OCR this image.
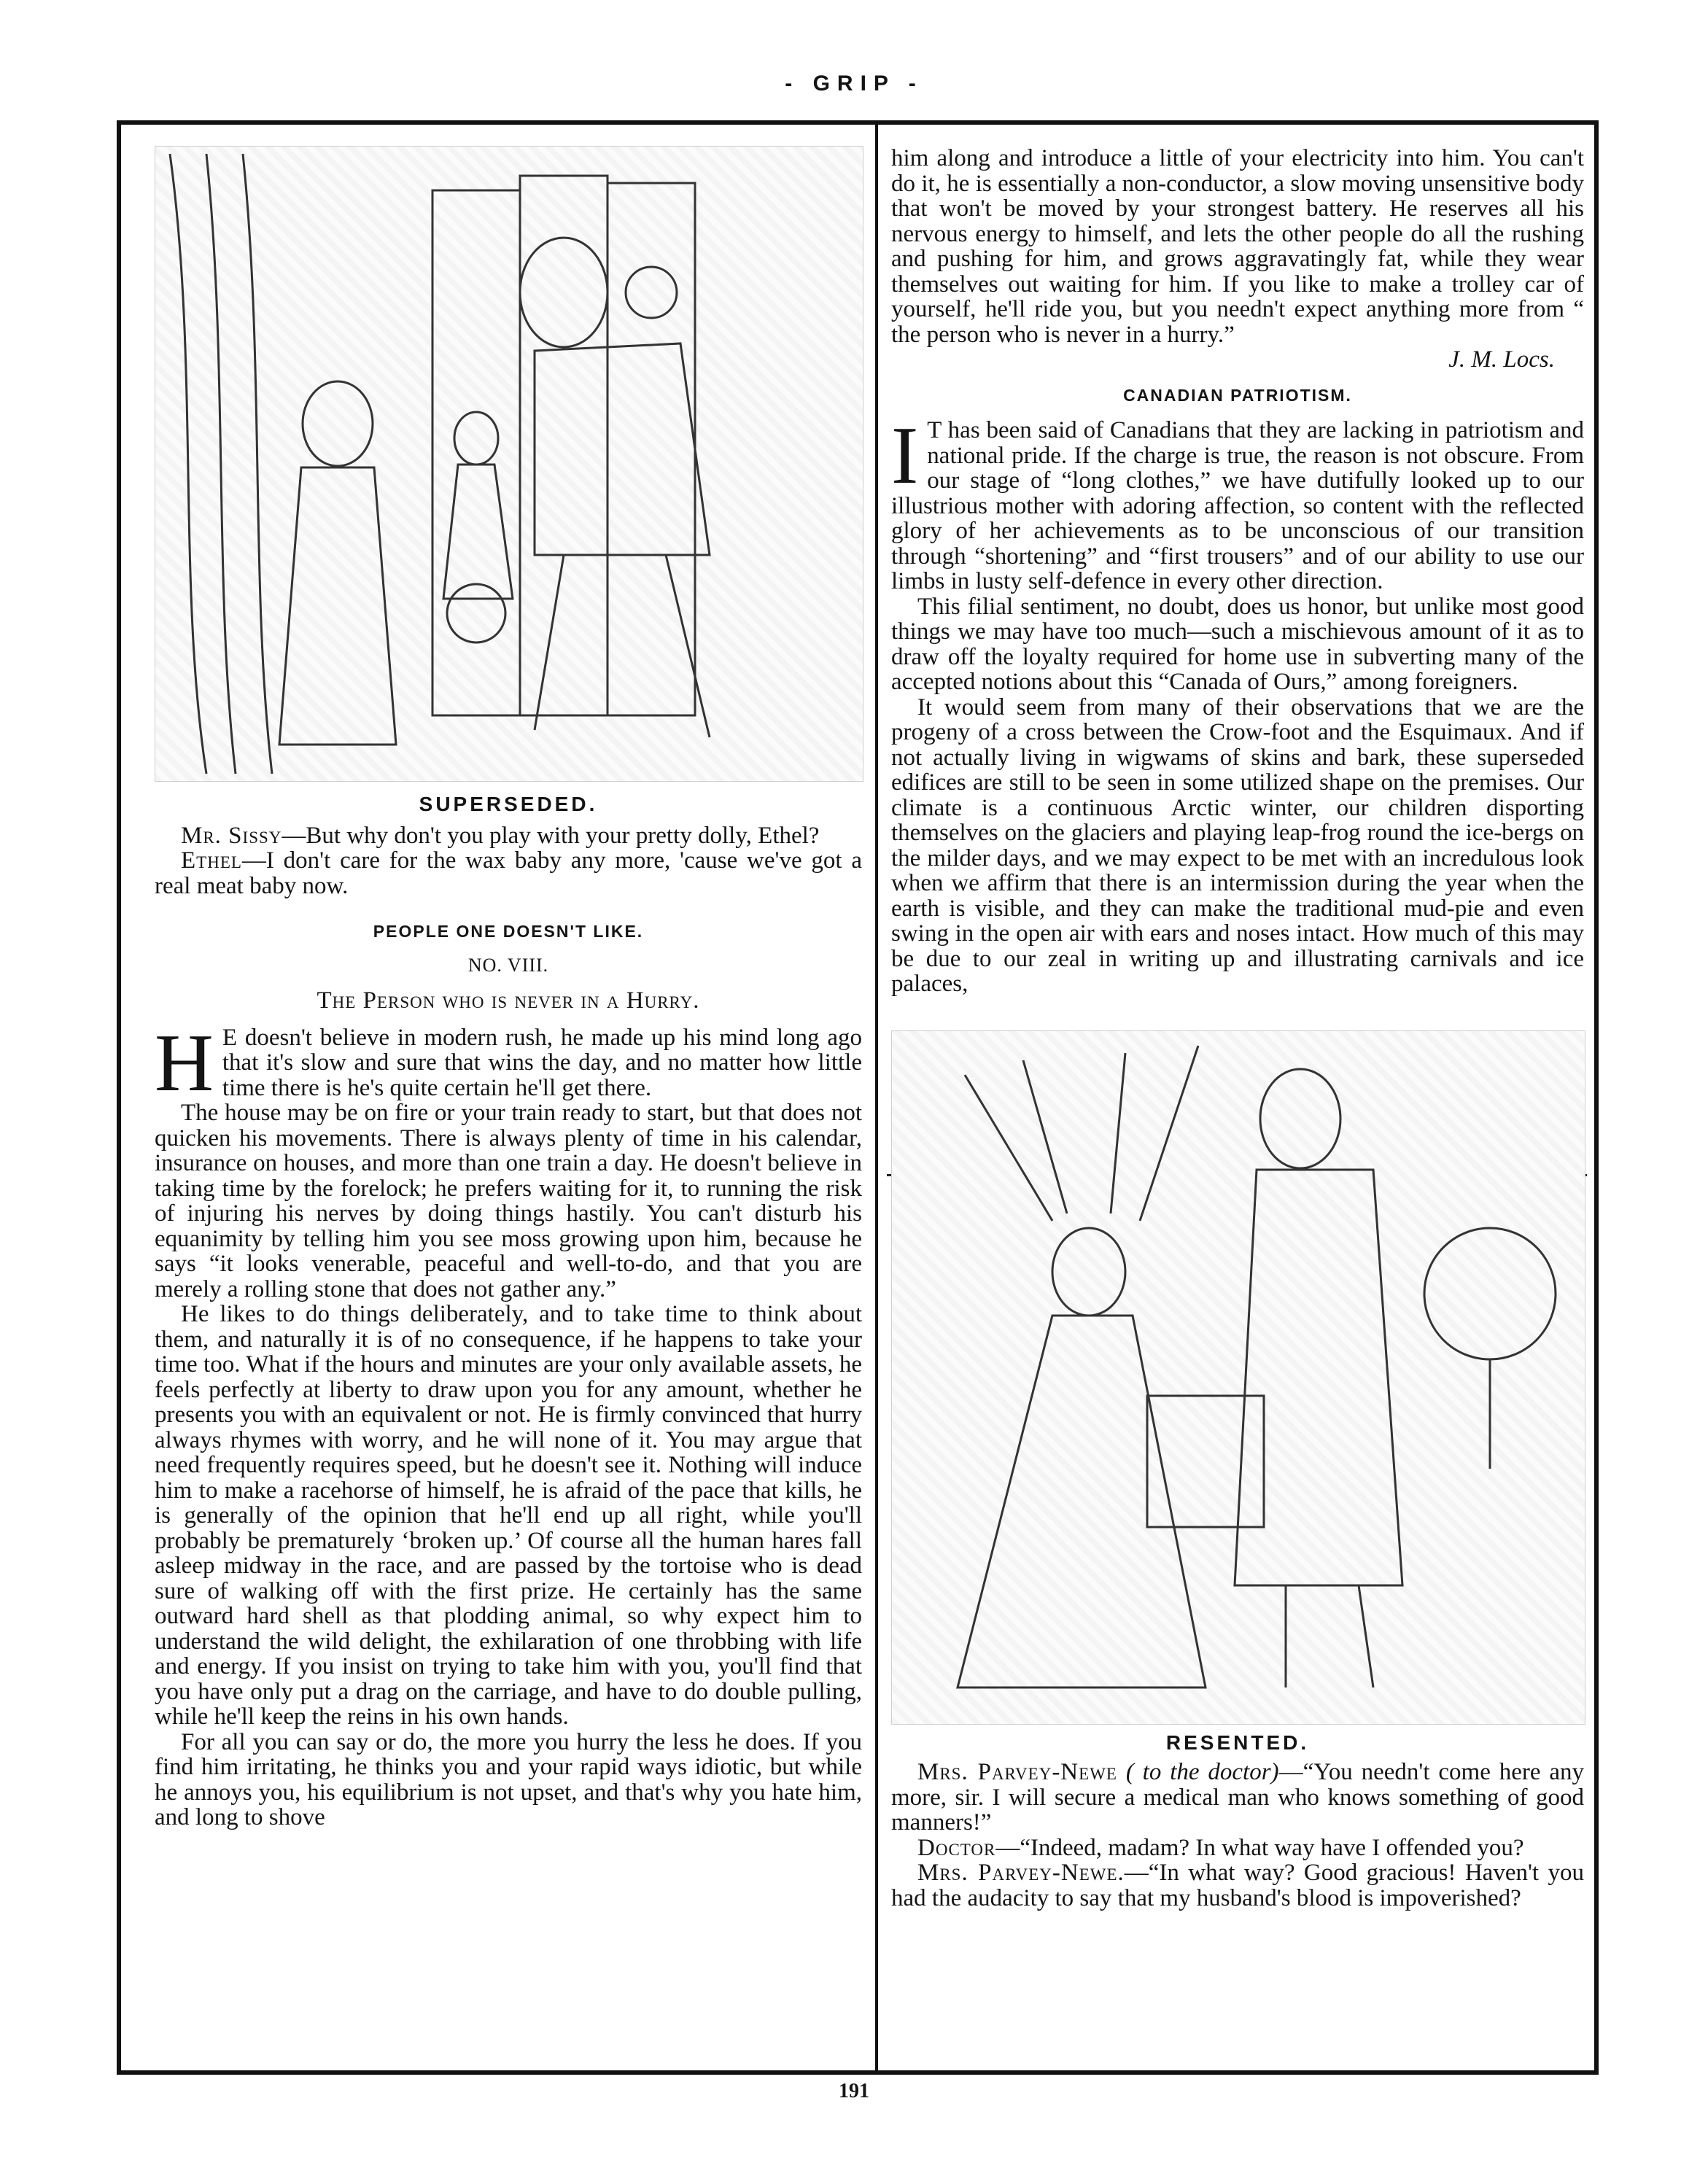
- GRIP -

SUPERSEDED.

Mr. Sissy—But why don't you play with your pretty dolly, Ethel?

Ethel—I don't care for the wax baby any more, 'cause we've got a real meat baby now.

PEOPLE ONE DOESN'T LIKE.

NO. VIII.

The Person who is never in a Hurry.

H E doesn't believe in modern rush, he made up his mind long ago that it's slow and sure that wins the day, and no matter how little time there is he's quite certain he'll get there.

The house may be on fire or your train ready to start, but that does not quicken his movements. There is always plenty of time in his calendar, insurance on houses, and more than one train a day. He doesn't believe in taking time by the forelock; he prefers waiting for it, to running the risk of injuring his nerves by doing things hastily. You can't disturb his equanimity by telling him you see moss growing upon him, because he says “it looks venerable, peaceful and well-to-do, and that you are merely a rolling stone that does not gather any.”

He likes to do things deliberately, and to take time to think about them, and naturally it is of no consequence, if he happens to take your time too. What if the hours and minutes are your only available assets, he feels perfectly at liberty to draw upon you for any amount, whether he presents you with an equivalent or not. He is firmly convinced that hurry always rhymes with worry, and he will none of it. You may argue that need frequently requires speed, but he doesn't see it. Nothing will induce him to make a racehorse of himself, he is afraid of the pace that kills, he is generally of the opinion that he'll end up all right, while you'll probably be prematurely ‘broken up.’ Of course all the human hares fall asleep midway in the race, and are passed by the tortoise who is dead sure of walking off with the first prize. He certainly has the same outward hard shell as that plodding animal, so why expect him to understand the wild delight, the exhilaration of one throbbing with life and energy. If you insist on trying to take him with you, you'll find that you have only put a drag on the carriage, and have to do double pulling, while he'll keep the reins in his own hands.

For all you can say or do, the more you hurry the less he does. If you find him irritating, he thinks you and your rapid ways idiotic, but while he annoys you, his equilibrium is not upset, and that's why you hate him, and long to shove

him along and introduce a little of your electricity into him. You can't do it, he is essentially a non-conductor, a slow moving unsensitive body that won't be moved by your strongest battery. He reserves all his nervous energy to himself, and lets the other people do all the rushing and pushing for him, and grows aggravatingly fat, while they wear themselves out waiting for him. If you like to make a trolley car of yourself, he'll ride you, but you needn't expect anything more from “ the person who is never in a hurry.”

J. M. Locs.

CANADIAN PATRIOTISM.

I T has been said of Canadians that they are lacking in patriotism and national pride. If the charge is true, the reason is not obscure. From our stage of “long clothes,” we have dutifully looked up to our illustrious mother with adoring affection, so content with the reflected glory of her achievements as to be unconscious of our transition through “shortening” and “first trousers” and of our ability to use our limbs in lusty self-defence in every other direction.

This filial sentiment, no doubt, does us honor, but unlike most good things we may have too much—such a mischievous amount of it as to draw off the loyalty required for home use in subverting many of the accepted notions about this “Canada of Ours,” among foreigners.

It would seem from many of their observations that we are the progeny of a cross between the Crow-foot and the Esquimaux. And if not actually living in wigwams of skins and bark, these superseded edifices are still to be seen in some utilized shape on the premises. Our climate is a continuous Arctic winter, our children disporting themselves on the glaciers and playing leap-frog round the ice-bergs on the milder days, and we may expect to be met with an incredulous look when we affirm that there is an intermission during the year when the earth is visible, and they can make the traditional mud-pie and even swing in the open air with ears and noses intact. How much of this may be due to our zeal in writing up and illustrating carnivals and ice palaces,

RESENTED.

Mrs. Parvey-Newe ( to the doctor)—“You needn't come here any more, sir. I will secure a medical man who knows something of good manners!”

Doctor—“Indeed, madam? In what way have I offended you?

Mrs. Parvey-Newe.—“In what way? Good gracious! Haven't you had the audacity to say that my husband's blood is impoverished?

191
